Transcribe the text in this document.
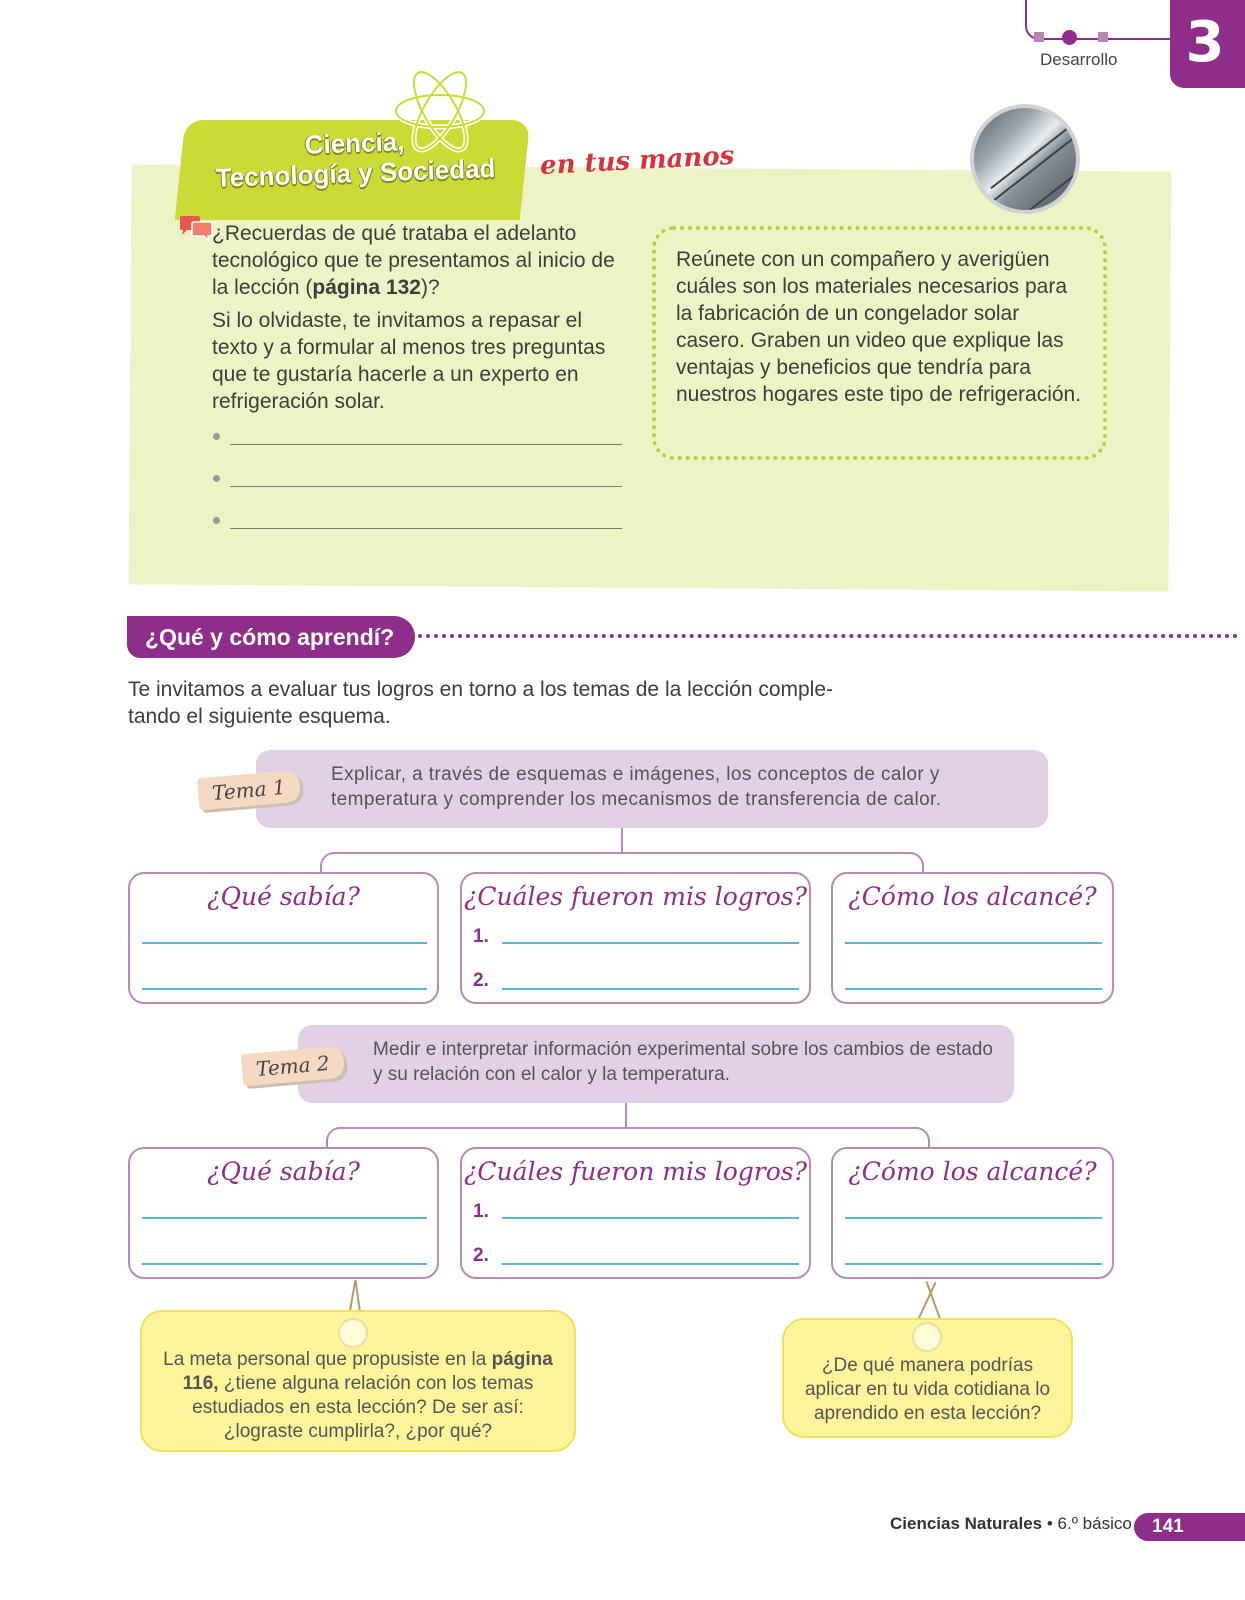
Desarrollo 3
Ciencia,
Tecnología y Sociedad	en tus manos

¿Recuerdas de qué trataba el adelanto tecnológico que te presentamos al inicio de la lección (página 132)?

Si lo olvidaste, te invitamos a repasar el texto y a formular al menos tres preguntas que te gustaría hacerle a un experto en refrigeración solar.

Reúnete con un compañero y averigüen cuáles son los materiales necesarios para la fabricación de un congelador solar casero. Graben un video que explique las ventajas y beneficios que tendría para nuestros hogares este tipo de refrigeración.
¿Qué y cómo aprendí?
Te invitamos a evaluar tus logros en torno a los temas de la lección comple-tando el siguiente esquema.
Explicar, a través de esquemas e imágenes, los conceptos de calor y temperatura y comprender los mecanismos de transferencia de calor.
Tema 1
¿Qué sabía?	¿Cuáles fueron mis logros?
1.
2.
¿Cómo los alcancé?
Medir e interpretar información experimental sobre los cambios de estado y su relación con el calor y la temperatura.
Tema 2
¿Qué sabía?	¿Cuáles fueron mis logros?
1.
2.
¿Cómo los alcancé?
La meta personal que propusiste en la página 116, ¿tiene alguna relación con los temas estudiados en esta lección? De ser así: ¿lograste cumplirla?, ¿por qué?
¿De qué manera podrías aplicar en tu vida cotidiana lo aprendido en esta lección?
Ciencias Naturales • 6.º básico	141
